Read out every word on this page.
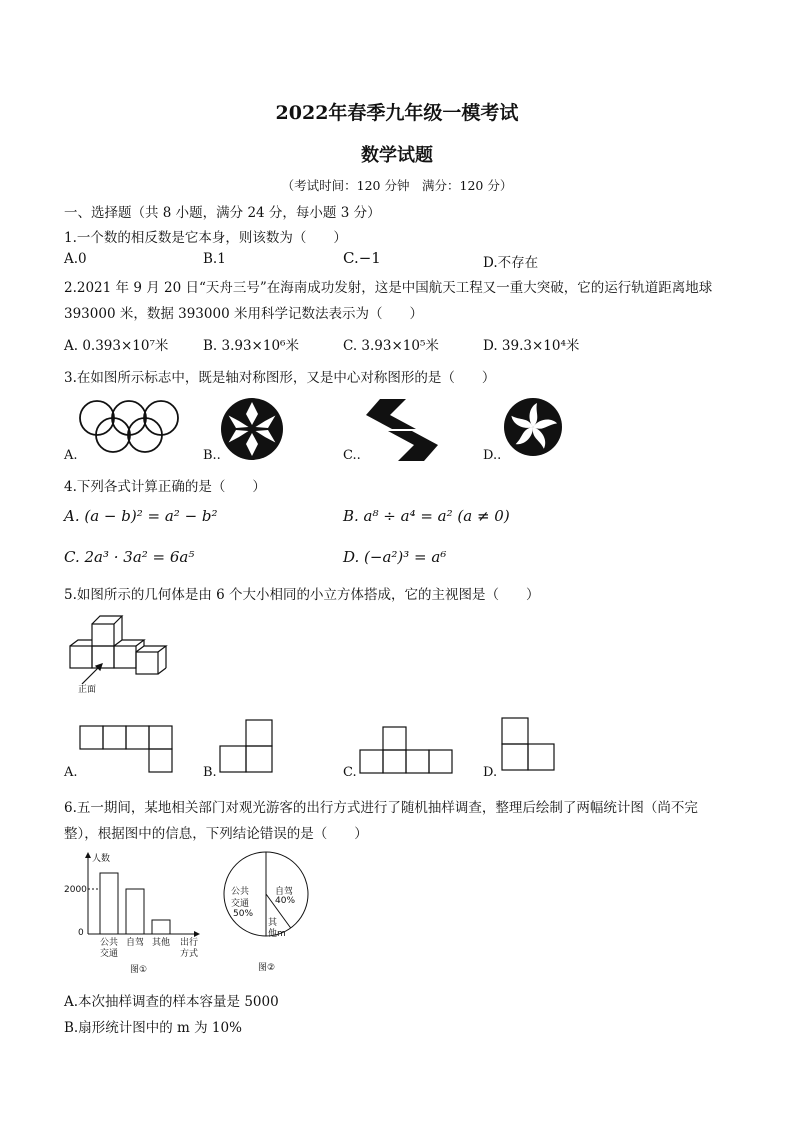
2022年春季九年级一模考试
数学试题
（考试时间：120 分钟　满分：120 分）
一、选择题（共 8 小题，满分 24 分，每小题 3 分）
1.一个数的相反数是它本身，则该数为（　　）
A.0	B.1	C.−1	D.不存在
2.2021 年 9 月 20 日“天舟三号”在海南成功发射，这是中国航天工程又一重大突破，它的运行轨道距离地球
393000 米，数据 393000 米用科学记数法表示为（　　）
A. 0.393×10⁷米	B. 3.93×10⁶米	C. 3.93×10⁵米	D. 39.3×10⁴米
3.在如图所示标志中，既是轴对称图形，又是中心对称图形的是（　　）
A.	B..	C..	D..
4.下列各式计算正确的是（　　）
A. (a − b)² = a² − b²	B. a⁸ ÷ a⁴ = a² (a ≠ 0)
C. 2a³ · 3a² = 6a⁵	D. (−a²)³ = a⁶
5.如图所示的几何体是由 6 个大小相同的小立方体搭成，它的主视图是（　　）
正面
A.	B.	C.	D.
6.五一期间，某地相关部门对观光游客的出行方式进行了随机抽样调查，整理后绘制了两幅统计图（尚不完
整），根据图中的信息，下列结论错误的是（　　）
人数
2000
0
公共
交通
自驾 其他 出行
方式
图①
公共
交通
50%
自驾
40%
其
他m
图②
A.本次抽样调查的样本容量是 5000
B.扇形统计图中的 m 为 10%
